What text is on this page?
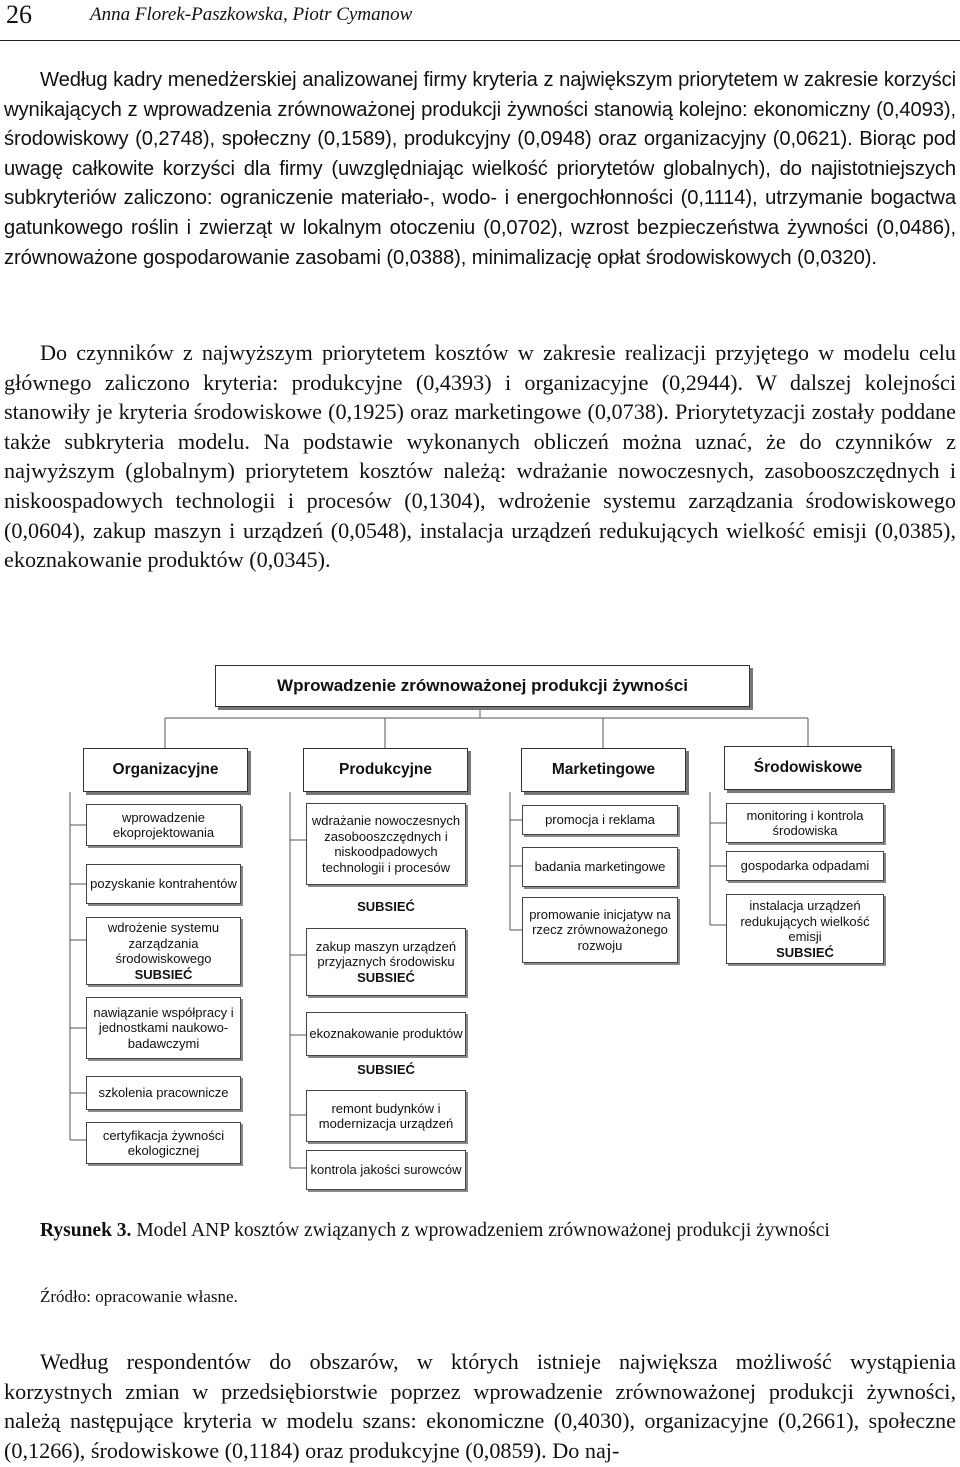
26	Anna Florek-Paszkowska, Piotr Cymanow

Według kadry menedżerskiej analizowanej firmy kryteria z największym priorytetem w zakresie korzyści wynikających z wprowadzenia zrównoważonej produkcji żywności stanowią kolejno: ekonomiczny (0,4093), środowiskowy (0,2748), społeczny (0,1589), produkcyjny (0,0948) oraz organizacyjny (0,0621). Biorąc pod uwagę całkowite korzyści dla firmy (uwzględniając wielkość priorytetów globalnych), do najistotniejszych subkryteriów zaliczono: ograniczenie materiało-, wodo- i energochłonności (0,1114), utrzymanie bogactwa gatunkowego roślin i zwierząt w lokalnym otoczeniu (0,0702), wzrost bezpieczeństwa żywności (0,0486), zrównoważone gospodarowanie zasobami (0,0388), minimalizację opłat środowiskowych (0,0320).

Do czynników z najwyższym priorytetem kosztów w zakresie realizacji przyjętego w modelu celu głównego zaliczono kryteria: produkcyjne (0,4393) i organizacyjne (0,2944). W dalszej kolejności stanowiły je kryteria środowiskowe (0,1925) oraz marketingowe (0,0738). Priorytetyzacji zostały poddane także subkryteria modelu. Na podstawie wykonanych obliczeń można uznać, że do czynników z najwyższym (globalnym) priorytetem kosztów należą: wdrażanie nowoczesnych, zasobooszczędnych i niskoospadowych technologii i procesów (0,1304), wdrożenie systemu zarządzania środowiskowego (0,0604), zakup maszyn i urządzeń (0,0548), instalacja urządzeń redukujących wielkość emisji (0,0385), ekoznakowanie produktów (0,0345).

Wprowadzenie zrównoważonej produkcji żywności
Organizacyjne	Produkcyjne	Marketingowe	Środowiskowe
wprowadzenie ekoprojektowania
pozyskanie kontrahentów
wdrożenie systemu zarządzania środowiskowego
SUBSIEĆ
nawiązanie współpracy i jednostkami naukowo-badawczymi
szkolenia pracownicze
certyfikacja żywności ekologicznej
wdrażanie nowoczesnych zasobooszczędnych i niskoodpadowych technologii i procesów
SUBSIEĆ
zakup maszyn urządzeń przyjaznych środowisku
SUBSIEĆ
ekoznakowanie produktów
SUBSIEĆ
remont budynków i modernizacja urządzeń
kontrola jakości surowców
promocja i reklama
badania marketingowe
promowanie inicjatyw na rzecz zrównoważonego rozwoju
monitoring i kontrola środowiska
gospodarka odpadami
instalacja urządzeń redukujących wielkość emisji
SUBSIEĆ
Rysunek 3. Model ANP kosztów związanych z wprowadzeniem zrównoważonej produkcji żywności
Źródło: opracowanie własne.

Według respondentów do obszarów, w których istnieje największa możliwość wystąpienia korzystnych zmian w przedsiębiorstwie poprzez wprowadzenie zrównoważonej produkcji żywności, należą następujące kryteria w modelu szans: ekonomiczne (0,4030), organizacyjne (0,2661), społeczne (0,1266), środowiskowe (0,1184) oraz produkcyjne (0,0859). Do naj-
